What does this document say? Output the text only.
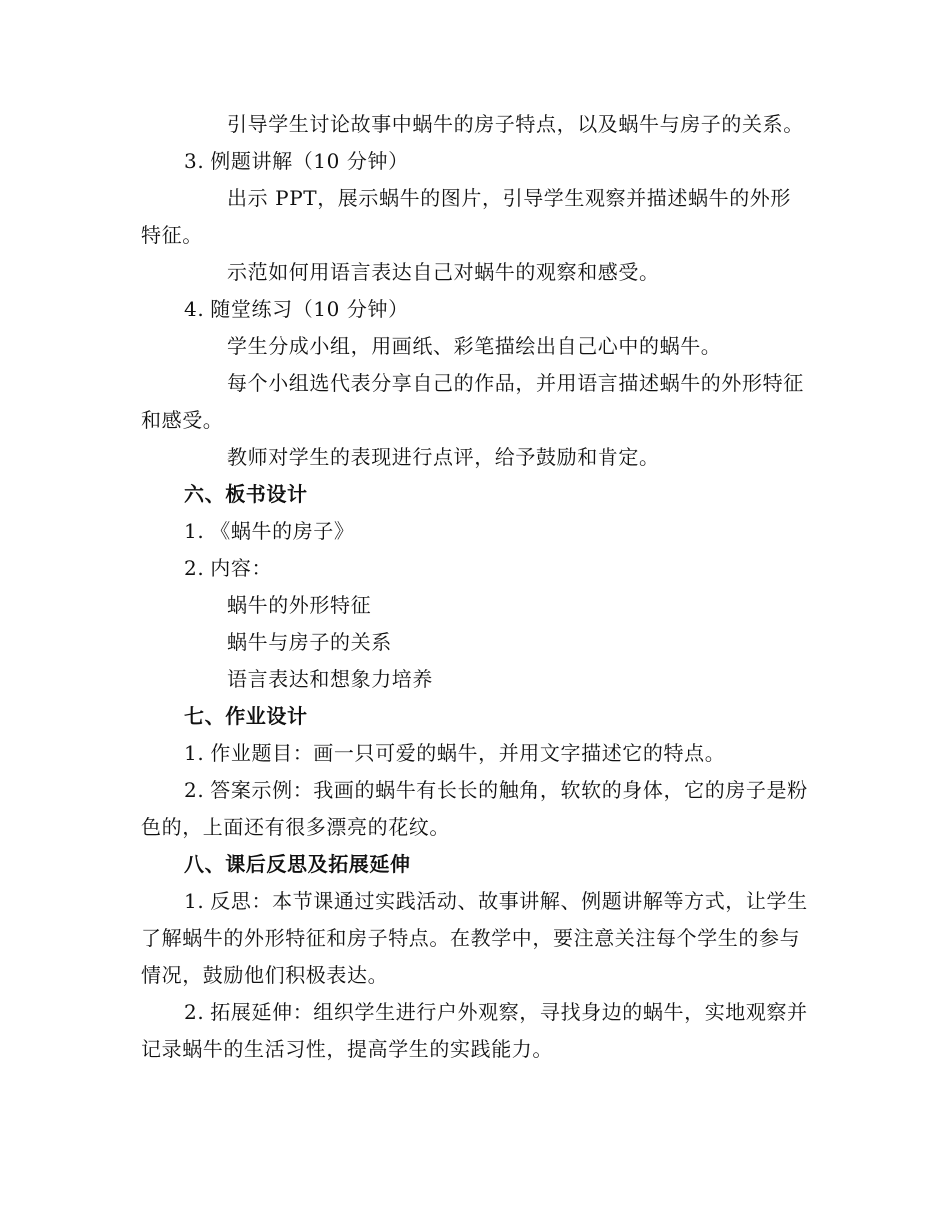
引导学生讨论故事中蜗牛的房子特点，以及蜗牛与房子的关系。

3. 例题讲解（10 分钟）

出示 PPT，展示蜗牛的图片，引导学生观察并描述蜗牛的外形特征。

示范如何用语言表达自己对蜗牛的观察和感受。

4. 随堂练习（10 分钟）

学生分成小组，用画纸、彩笔描绘出自己心中的蜗牛。

每个小组选代表分享自己的作品，并用语言描述蜗牛的外形特征和感受。

教师对学生的表现进行点评，给予鼓励和肯定。

六、板书设计

1. 《蜗牛的房子》

2. 内容：

蜗牛的外形特征

蜗牛与房子的关系

语言表达和想象力培养

七、作业设计

1. 作业题目：画一只可爱的蜗牛，并用文字描述它的特点。

2. 答案示例：我画的蜗牛有长长的触角，软软的身体，它的房子是粉色的，上面还有很多漂亮的花纹。

八、课后反思及拓展延伸

1. 反思：本节课通过实践活动、故事讲解、例题讲解等方式，让学生了解蜗牛的外形特征和房子特点。在教学中，要注意关注每个学生的参与情况，鼓励他们积极表达。

2. 拓展延伸：组织学生进行户外观察，寻找身边的蜗牛，实地观察并记录蜗牛的生活习性，提高学生的实践能力。
